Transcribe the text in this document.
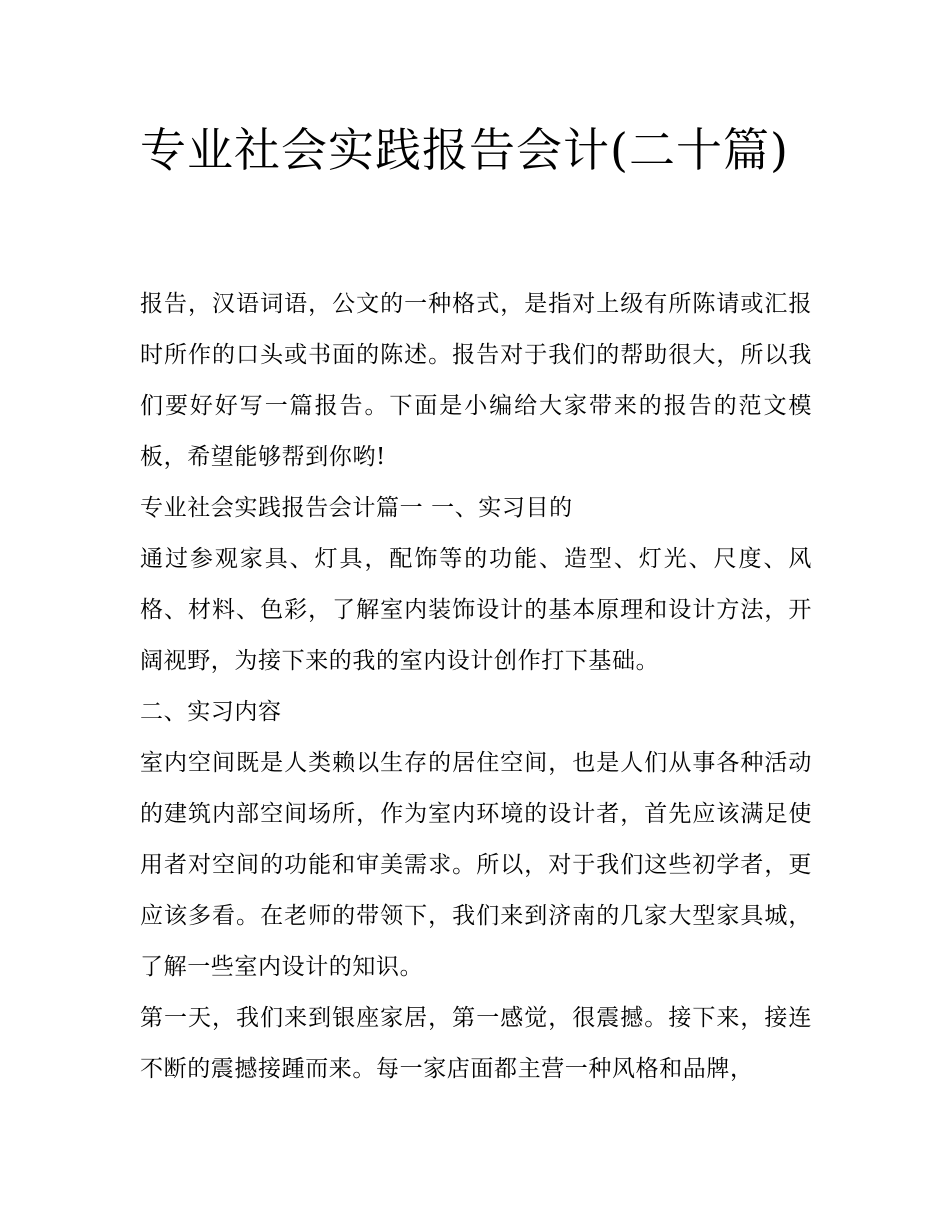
专业社会实践报告会计(二十篇)

报告，汉语词语，公文的一种格式，是指对上级有所陈请或汇报时所作的口头或书面的陈述。报告对于我们的帮助很大，所以我们要好好写一篇报告。下面是小编给大家带来的报告的范文模板，希望能够帮到你哟!

专业社会实践报告会计篇一 一、实习目的

通过参观家具、灯具，配饰等的功能、造型、灯光、尺度、风格、材料、色彩，了解室内装饰设计的基本原理和设计方法，开阔视野，为接下来的我的室内设计创作打下基础。

二、实习内容

室内空间既是人类赖以生存的居住空间，也是人们从事各种活动的建筑内部空间场所，作为室内环境的设计者，首先应该满足使用者对空间的功能和审美需求。所以，对于我们这些初学者，更应该多看。在老师的带领下，我们来到济南的几家大型家具城，了解一些室内设计的知识。

第一天，我们来到银座家居，第一感觉，很震撼。接下来，接连不断的震撼接踵而来。每一家店面都主营一种风格和品牌，
